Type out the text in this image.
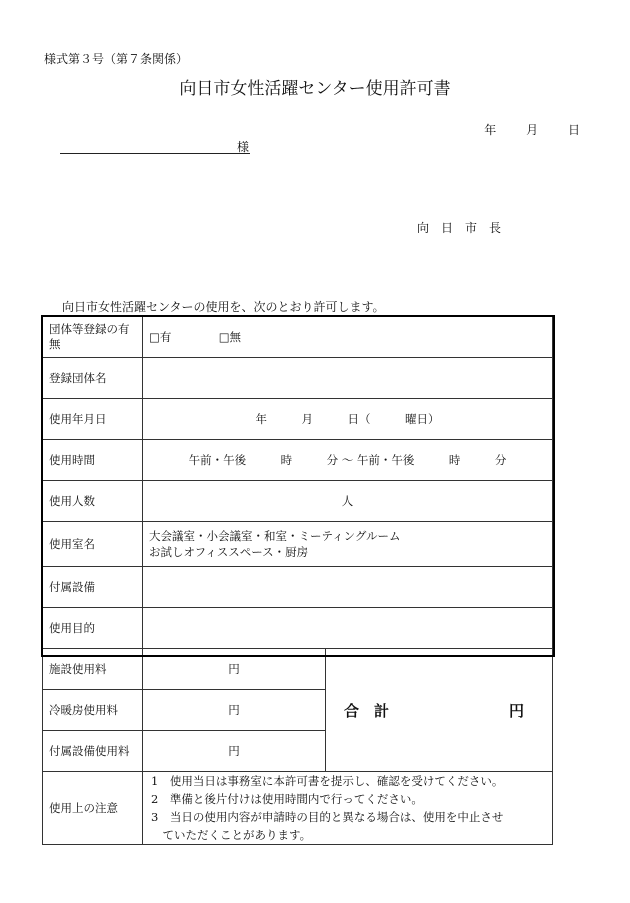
様式第３号（第７条関係）
向日市女性活躍センター使用許可書
年 月 日
様
向日市長
向日市女性活躍センターの使用を、次のとおり許可します。
団体等登録の有無	□有 □無	
登録団体名		
使用年月日	年　　　月　　　日（　　　曜日）	
使用時間	午前・午後　　　時　　　分 〜 午前・午後　　　時　　　分	
使用人数	人	
使用室名	大会議室・小会議室・和室・ミーティングルーム
お試しオフィススペース・厨房	

付属設備		
使用目的		
施設使用料	円	合　計 円

冷暖房使用料	円	
付属設備使用料	円	
使用上の注意	1　使用当日は事務室に本許可書を提示し、確認を受けてください。
2　準備と後片付けは使用時間内で行ってください。
3　当日の使用内容が申請時の目的と異なる場合は、使用を中止させ
　ていただくことがあります。	
